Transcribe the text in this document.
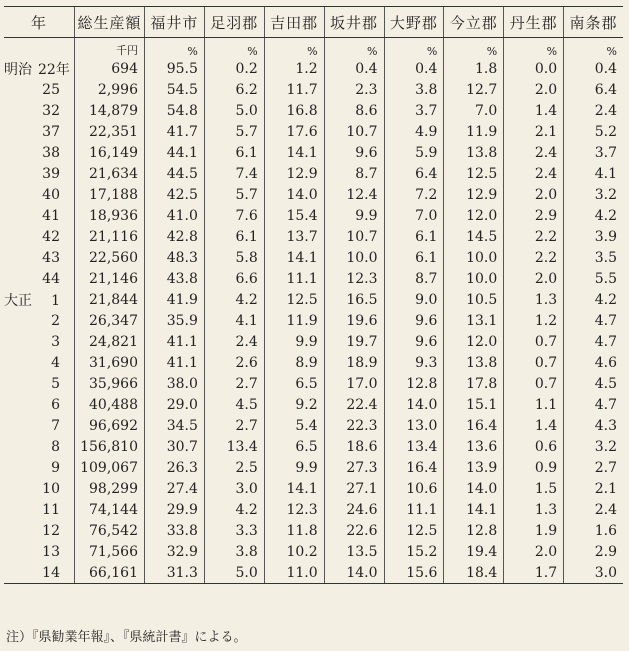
年	総生産額	福井市	足羽郡	吉田郡	坂井郡	大野郡	今立郡	丹生郡	南条郡
	千円	%	%	%	%	%	%	%	%
明治 22年	694	95.5	0.2	1.2	0.4	0.4	1.8	0.0	0.4
25	2,996	54.5	6.2	11.7	2.3	3.8	12.7	2.0	6.4
32	14,879	54.8	5.0	16.8	8.6	3.7	7.0	1.4	2.4
37	22,351	41.7	5.7	17.6	10.7	4.9	11.9	2.1	5.2
38	16,149	44.1	6.1	14.1	9.6	5.9	13.8	2.4	3.7
39	21,634	44.5	7.4	12.9	8.7	6.4	12.5	2.4	4.1
40	17,188	42.5	5.7	14.0	12.4	7.2	12.9	2.0	3.2
41	18,936	41.0	7.6	15.4	9.9	7.0	12.0	2.9	4.2
42	21,116	42.8	6.1	13.7	10.7	6.1	14.5	2.2	3.9
43	22,560	48.3	5.8	14.1	10.0	6.1	10.0	2.2	3.5
44	21,146	43.8	6.6	11.1	12.3	8.7	10.0	2.0	5.5
大正 1	21,844	41.9	4.2	12.5	16.5	9.0	10.5	1.3	4.2
2	26,347	35.9	4.1	11.9	19.6	9.6	13.1	1.2	4.7
3	24,821	41.1	2.4	9.9	19.7	9.6	12.0	0.7	4.7
4	31,690	41.1	2.6	8.9	18.9	9.3	13.8	0.7	4.6
5	35,966	38.0	2.7	6.5	17.0	12.8	17.8	0.7	4.5
6	40,488	29.0	4.5	9.2	22.4	14.0	15.1	1.1	4.7
7	96,692	34.5	2.7	5.4	22.3	13.0	16.4	1.4	4.3
8	156,810	30.7	13.4	6.5	18.6	13.4	13.6	0.6	3.2
9	109,067	26.3	2.5	9.9	27.3	16.4	13.9	0.9	2.7
10	98,299	27.4	3.0	14.1	27.1	10.6	14.0	1.5	2.1
11	74,144	29.9	4.2	12.3	24.6	11.1	14.1	1.3	2.4
12	76,542	33.8	3.3	11.8	22.6	12.5	12.8	1.9	1.6
13	71,566	32.9	3.8	10.2	13.5	15.2	19.4	2.0	2.9
14	66,161	31.3	5.0	11.0	14.0	15.6	18.4	1.7	3.0
注）『県勧業年報』、『県統計書』による。
